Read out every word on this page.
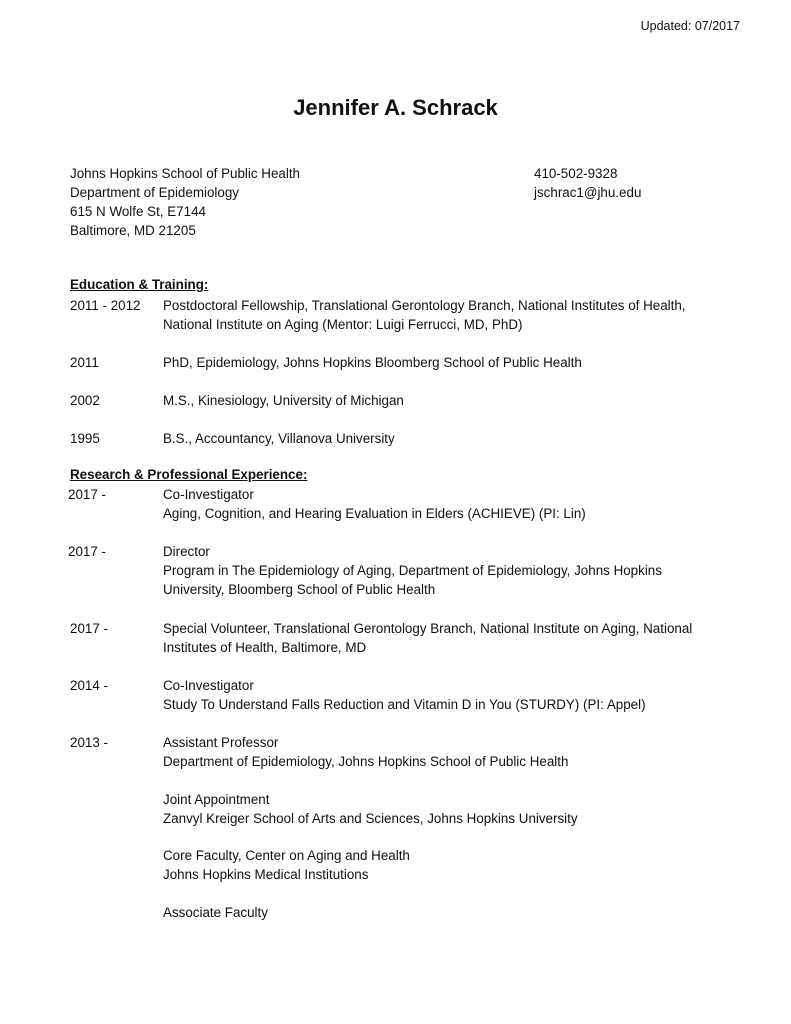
Updated: 07/2017
Jennifer A. Schrack
Johns Hopkins School of Public Health
Department of Epidemiology
615 N Wolfe St, E7144
Baltimore, MD 21205
410-502-9328
jschrac1@jhu.edu
Education & Training:
2011 - 2012 Postdoctoral Fellowship, Translational Gerontology Branch, National Institutes of Health,
National Institute on Aging (Mentor: Luigi Ferrucci, MD, PhD)
2011	PhD, Epidemiology, Johns Hopkins Bloomberg School of Public Health
2002	M.S., Kinesiology, University of Michigan
1995	B.S., Accountancy, Villanova University
Research & Professional Experience:
2017 -	Co-Investigator
Aging, Cognition, and Hearing Evaluation in Elders (ACHIEVE) (PI: Lin)
2017 -	Director
Program in The Epidemiology of Aging, Department of Epidemiology, Johns Hopkins
University, Bloomberg School of Public Health
2017 -	Special Volunteer, Translational Gerontology Branch, National Institute on Aging, National
Institutes of Health, Baltimore, MD
2014 -	Co-Investigator
Study To Understand Falls Reduction and Vitamin D in You (STURDY) (PI: Appel)
2013 -	Assistant Professor
Department of Epidemiology, Johns Hopkins School of Public Health
Joint Appointment
Zanvyl Kreiger School of Arts and Sciences, Johns Hopkins University
Core Faculty, Center on Aging and Health
Johns Hopkins Medical Institutions
Associate Faculty
